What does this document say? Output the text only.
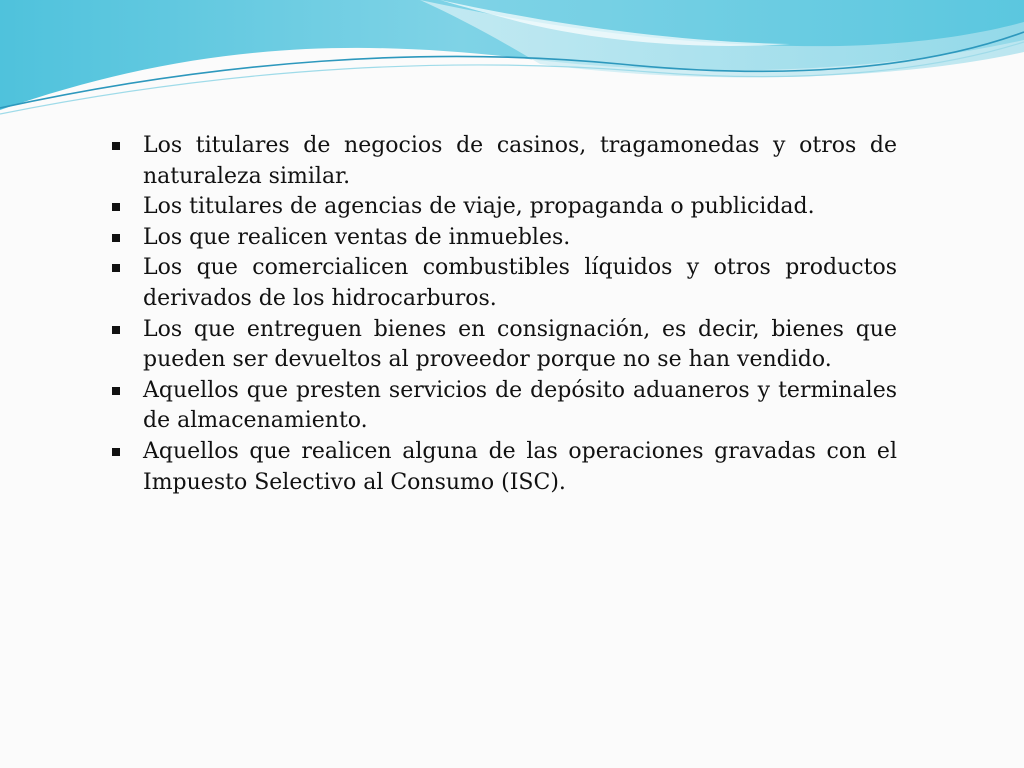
Los titulares de negocios de casinos, tragamonedas y otros de naturaleza similar.
Los titulares de agencias de viaje, propaganda o publicidad.
Los que realicen ventas de inmuebles.
Los que comercialicen combustibles líquidos y otros productos derivados de los hidrocarburos.
Los que entreguen bienes en consignación, es decir, bienes que pueden ser devueltos al proveedor porque no se han vendido.
Aquellos que presten servicios de depósito aduaneros y terminales de almacenamiento.
Aquellos que realicen alguna de las operaciones gravadas con el Impuesto Selectivo al Consumo (ISC).
